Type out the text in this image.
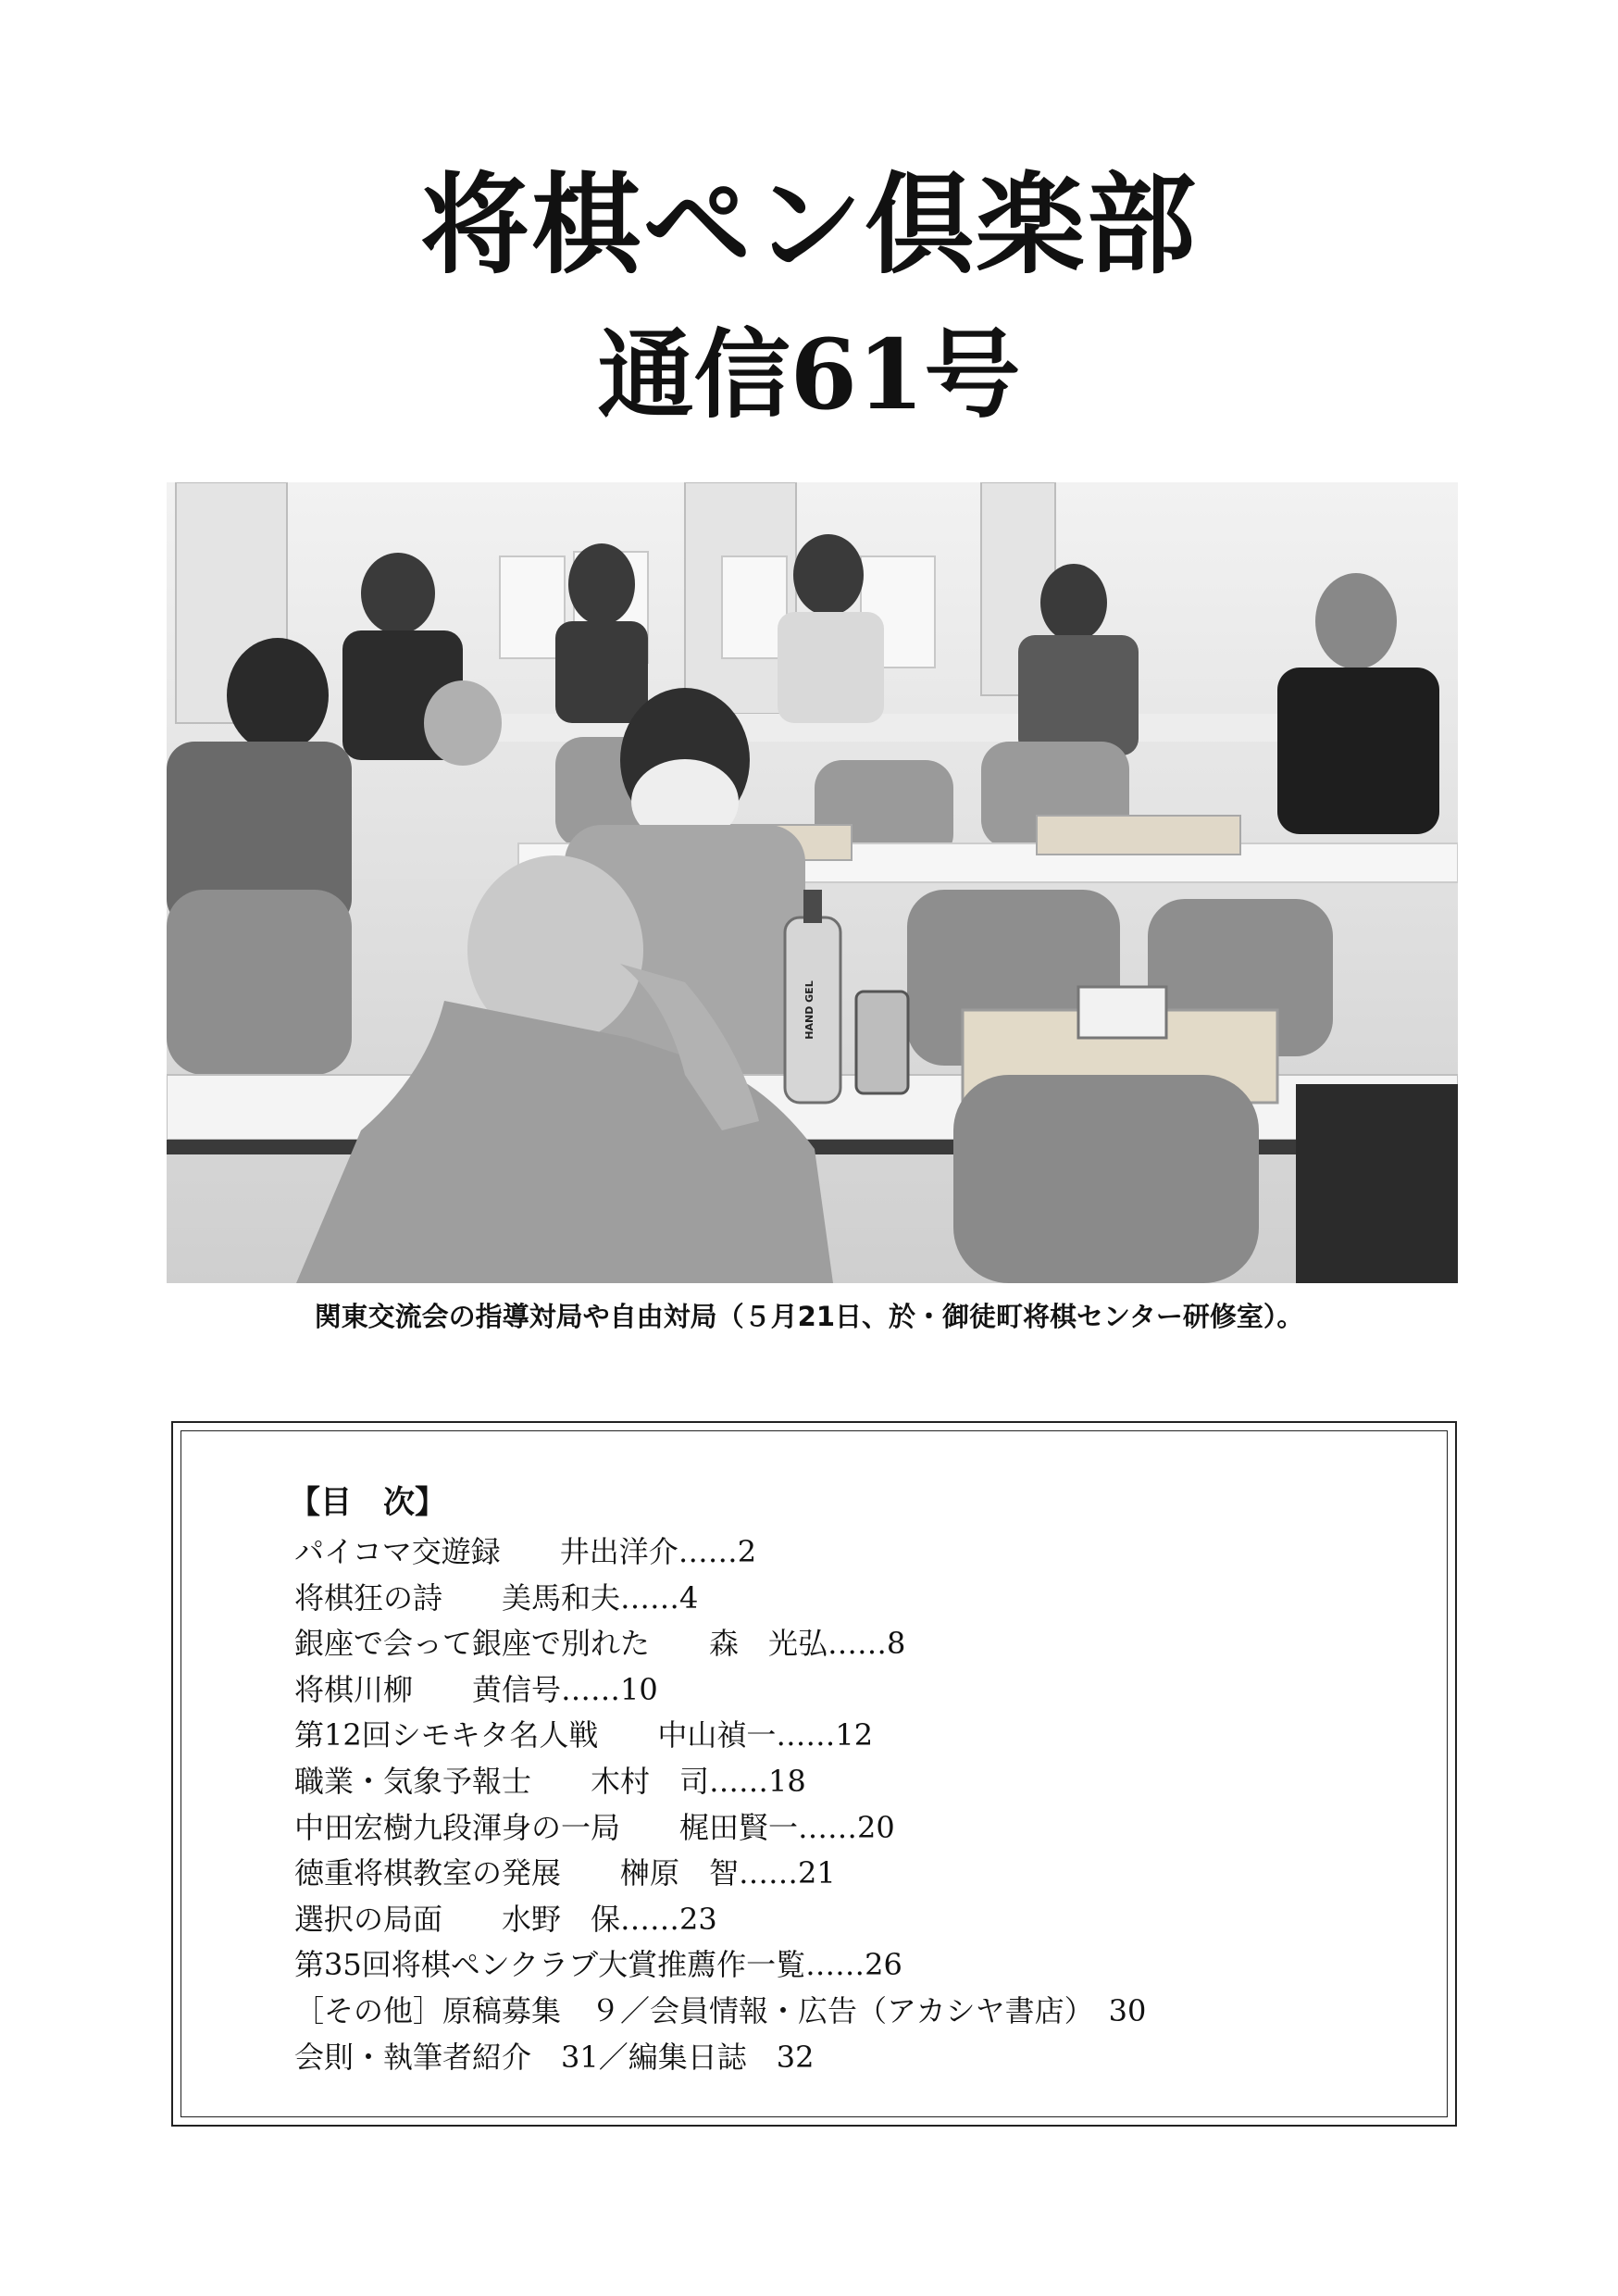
将棋ペン倶楽部
通信61号
HAND GEL
関東交流会の指導対局や自由対局（５月21日、於・御徒町将棋センター研修室）。
【目　次】
パイコマ交遊録　　井出洋介……2
将棋狂の詩　　美馬和夫……4
銀座で会って銀座で別れた　　森　光弘……8
将棋川柳　　黄信号……10
第12回シモキタ名人戦　　中山禎一……12
職業・気象予報士　　木村　司……18
中田宏樹九段渾身の一局　　梶田賢一……20
徳重将棋教室の発展　　榊原　智……21
選択の局面　　水野　保……23
第35回将棋ペンクラブ大賞推薦作一覧……26
［その他］原稿募集　９／会員情報・広告（アカシヤ書店）　30
会則・執筆者紹介　31／編集日誌　32
